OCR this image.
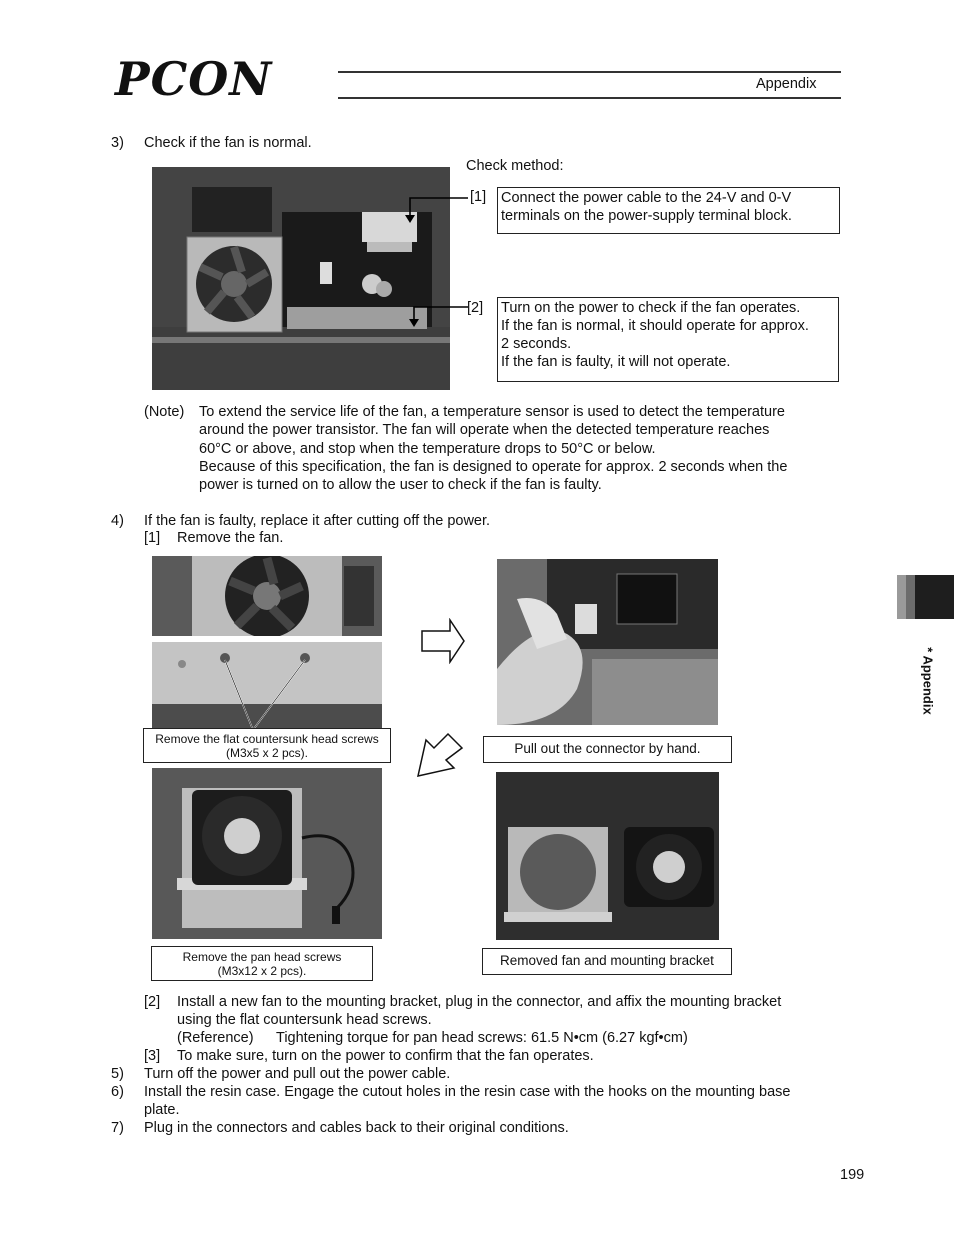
PCON	Appendix
* Appendix
3) Check if the fan is normal.
Check method:
[1] Connect the power cable to the 24-V and 0-V
terminals on the power-supply terminal block.
[2] Turn on the power to check if the fan operates.
If the fan is normal, it should operate for approx.
2 seconds.
If the fan is faulty, it will not operate.
(Note) To extend the service life of the fan, a temperature sensor is used to detect the temperature
around the power transistor. The fan will operate when the detected temperature reaches
60°C or above, and stop when the temperature drops to 50°C or below.
Because of this specification, the fan is designed to operate for approx. 2 seconds when the
power is turned on to allow the user to check if the fan is faulty.
4) If the fan is faulty, replace it after cutting off the power.
[1] Remove the fan.
Remove the flat countersunk head screws
(M3x5 x 2 pcs).	Pull out the connector by hand.
Remove the pan head screws
(M3x12 x 2 pcs).
Removed fan and mounting bracket
[2] Install a new fan to the mounting bracket, plug in the connector, and affix the mounting bracket
using the flat countersunk head screws.
(Reference) Tightening torque for pan head screws: 61.5 N•cm (6.27 kgf•cm)
[3] To make sure, turn on the power to confirm that the fan operates.
5) Turn off the power and pull out the power cable.
6) Install the resin case. Engage the cutout holes in the resin case with the hooks on the mounting base
plate.
7) Plug in the connectors and cables back to their original conditions.
199
